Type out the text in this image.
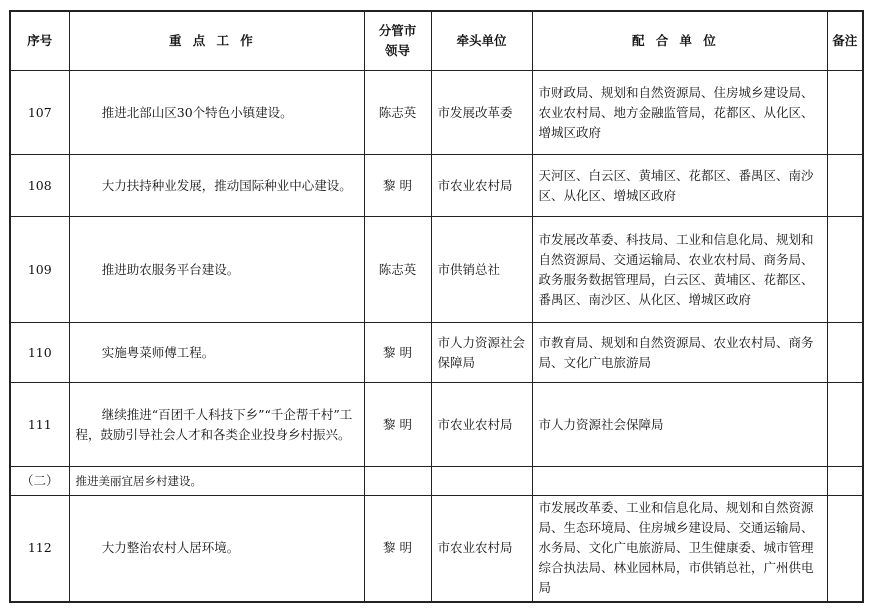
序号	重点工作	分管市领导	牵头单位	配合单位	备注
107	推进北部山区30个特色小镇建设。	陈志英	市发展改革委	市财政局、规划和自然资源局、住房城乡建设局、农业农村局、地方金融监管局，花都区、从化区、增城区政府	
108	大力扶持种业发展，推动国际种业中心建设。	黎 明	市农业农村局	天河区、白云区、黄埔区、花都区、番禺区、南沙区、从化区、增城区政府	
109	推进助农服务平台建设。	陈志英	市供销总社	市发展改革委、科技局、工业和信息化局、规划和自然资源局、交通运输局、农业农村局、商务局、政务服务数据管理局，白云区、黄埔区、花都区、番禺区、南沙区、从化区、增城区政府	
110	实施粤菜师傅工程。	黎 明	市人力资源社会保障局	市教育局、规划和自然资源局、农业农村局、商务局、文化广电旅游局	
111	继续推进“百团千人科技下乡”“千企帮千村”工程，鼓励引导社会人才和各类企业投身乡村振兴。	黎 明	市农业农村局	市人力资源社会保障局	
（二）	推进美丽宜居乡村建设。				
112	大力整治农村人居环境。	黎 明	市农业农村局	市发展改革委、工业和信息化局、规划和自然资源局、生态环境局、住房城乡建设局、交通运输局、水务局、文化广电旅游局、卫生健康委、城市管理综合执法局、林业园林局，市供销总社，广州供电局	
